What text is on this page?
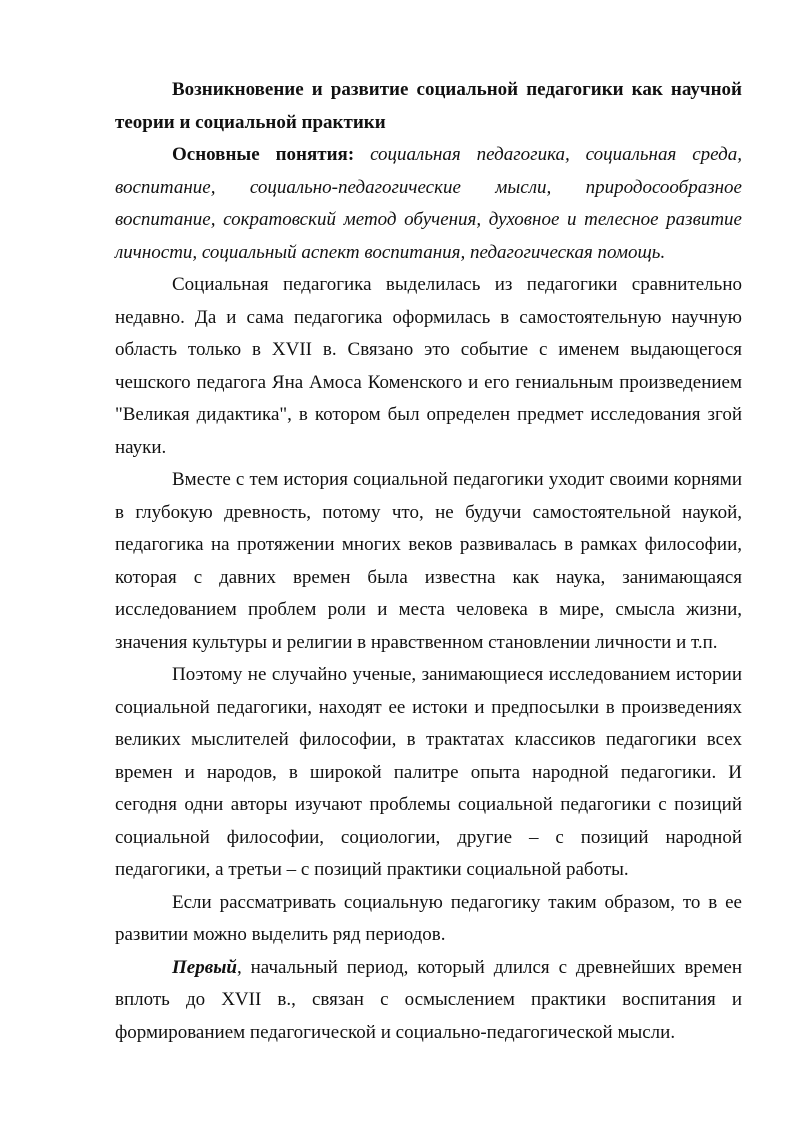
Возникновение и развитие социальной педагогики как научной теории и социальной практики

Основные понятия: социальная педагогика, социальная среда, воспитание, социально-педагогические мысли, природосообразное воспитание, сократовский метод обучения, духовное и телесное развитие личности, социальный аспект воспитания, педагогическая помощь.

Социальная педагогика выделилась из педагогики сравнительно недавно. Да и сама педагогика оформилась в самостоятельную научную область только в XVII в. Связано это событие с именем выдающегося чешского педагога Яна Амоса Коменского и его гениальным произведением "Великая дидактика", в котором был определен предмет исследования згой науки.

Вместе с тем история социальной педагогики уходит своими корнями в глубокую древность, потому что, не будучи самостоятельной наукой, педагогика на протяжении многих веков развивалась в рамках философии, которая с давних времен была известна как наука, занимающаяся исследованием проблем роли и места человека в мире, смысла жизни, значения культуры и религии в нравственном становлении личности и т.п.

Поэтому не случайно ученые, занимающиеся исследованием истории социальной педагогики, находят ее истоки и предпосылки в произведениях великих мыслителей философии, в трактатах классиков педагогики всех времен и народов, в широкой палитре опыта народной педагогики. И сегодня одни авторы изучают проблемы социальной педагогики с позиций социальной философии, социологии, другие – с позиций народной педагогики, а третьи – с позиций практики социальной работы.

Если рассматривать социальную педагогику таким образом, то в ее развитии можно выделить ряд периодов.

Первый, начальный период, который длился с древнейших времен вплоть до XVII в., связан с осмыслением практики воспитания и формированием педагогической и социально-педагогической мысли.
